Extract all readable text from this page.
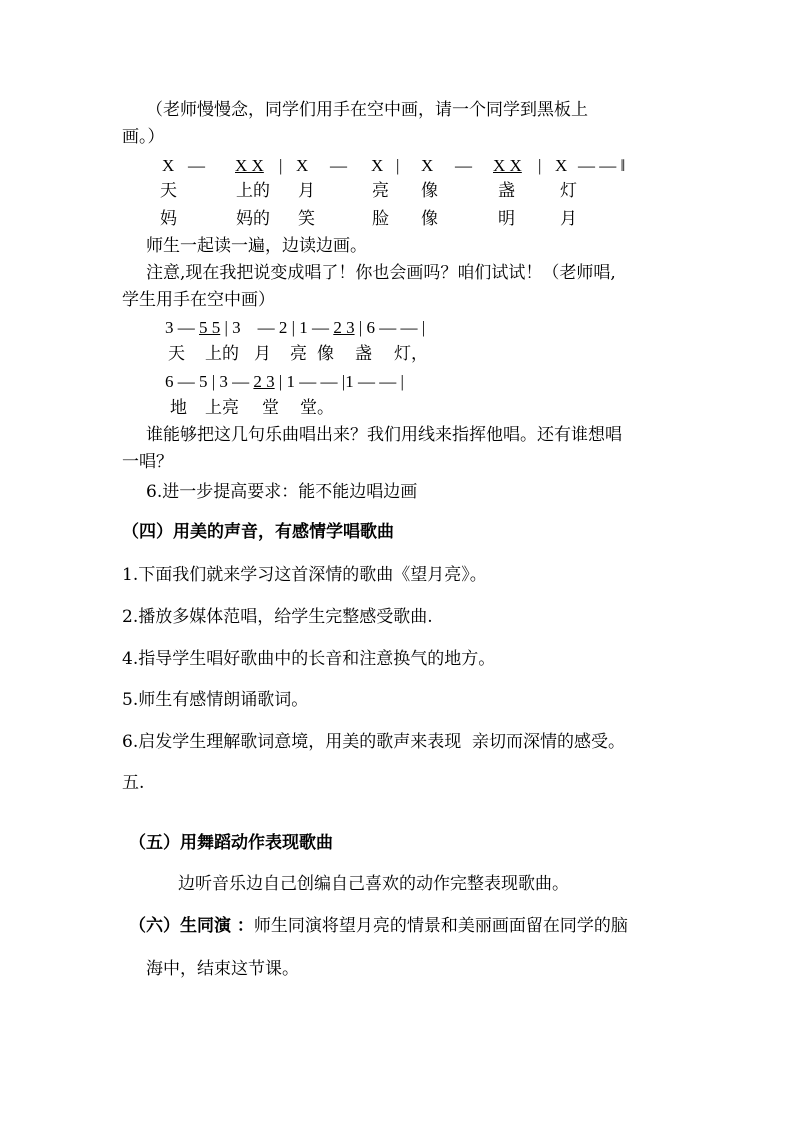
（老师慢慢念，同学们用手在空中画，请一个同学到黑板上

画。）

X — X X | X — X | X — X X | X — — ‖
天	上的 月	亮 像	盏	灯
妈	妈的 笑	脸 像	明	月

师生一起读一遍，边读边画。

注意,现在我把说变成唱了！你也会画吗？咱们试试！（老师唱,

学生用手在空中画）

3 — 5 5 | 3    — 2 | 1 — 2 3 | 6 — — |
天 上的 月 亮 像 盏 灯，
6 — 5 | 3 — 2 3 | 1 — — |1 — — |
地 上亮 堂 堂。

谁能够把这几句乐曲唱出来？我们用线来指挥他唱。还有谁想唱

一唱？

6.进一步提高要求：能不能边唱边画

（四）用美的声音，有感情学唱歌曲

1.下面我们就来学习这首深情的歌曲《望月亮》。

2.播放多媒体范唱，给学生完整感受歌曲.

4.指导学生唱好歌曲中的长音和注意换气的地方。

5.师生有感情朗诵歌词。

6.启发学生理解歌词意境，用美的歌声来表现  亲切而深情的感受。

五.

（五）用舞蹈动作表现歌曲

边听音乐边自己创编自己喜欢的动作完整表现歌曲。

（六）生同演 ：师生同演将望月亮的情景和美丽画面留在同学的脑

海中，结束这节课。
